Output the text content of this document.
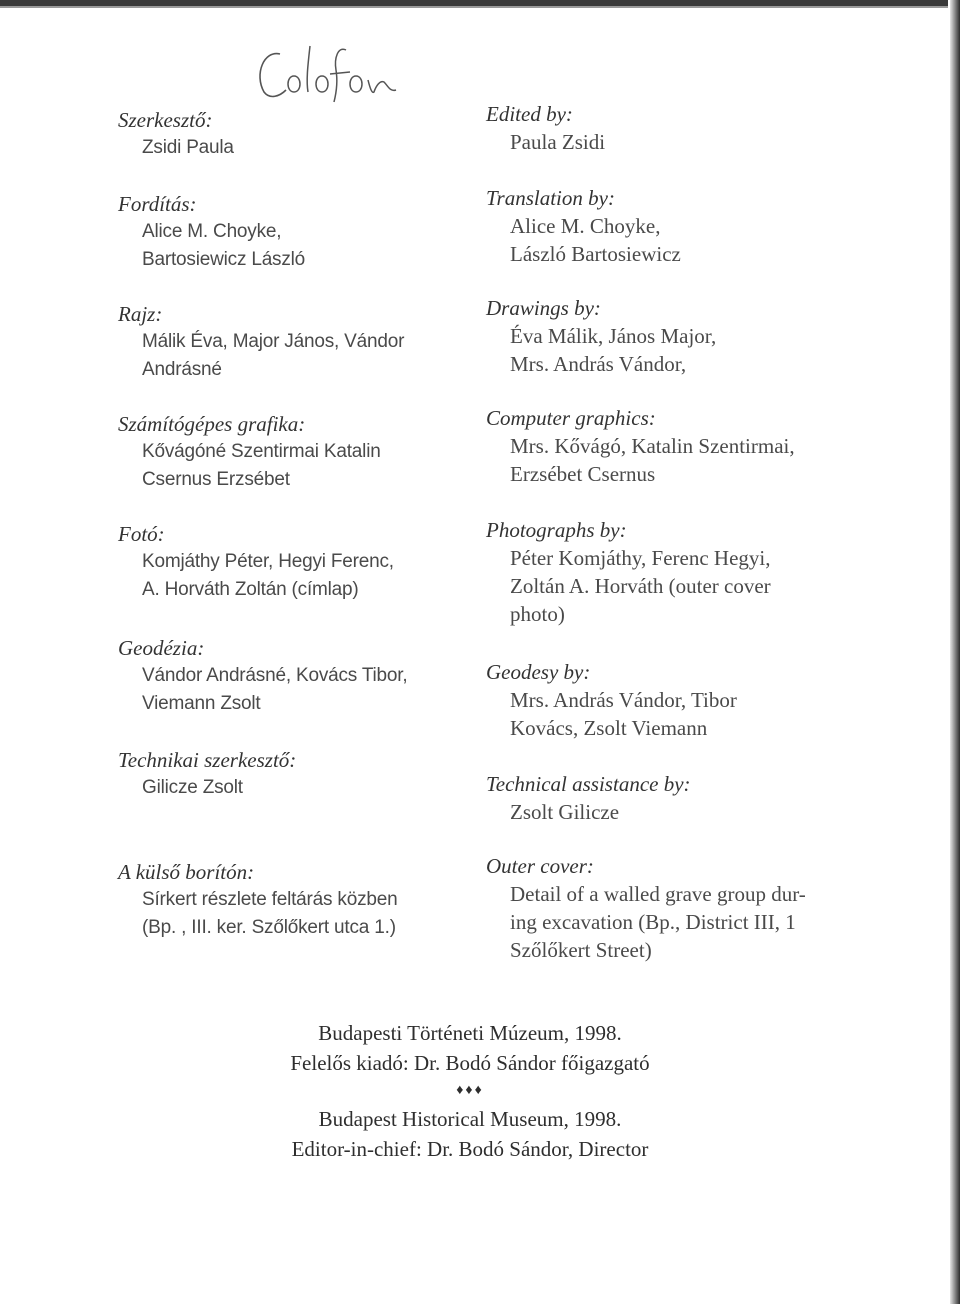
Szerkesztő:
Zsidi Paula
Fordítás:
Alice M. Choyke,
Bartosiewicz László
Rajz:
Málik Éva, Major János, Vándor
Andrásné
Számítógépes grafika:
Kővágóné Szentirmai Katalin
Csernus Erzsébet
Fotó:
Komjáthy Péter, Hegyi Ferenc,
A. Horváth Zoltán (címlap)
Geodézia:
Vándor Andrásné, Kovács Tibor,
Viemann Zsolt
Technikai szerkesztő:
Gilicze Zsolt
A külső borítón:
Sírkert részlete feltárás közben
(Bp. , III. ker. Szőlőkert utca 1.)
Edited by:
Paula Zsidi
Translation by:
Alice M. Choyke,
László Bartosiewicz
Drawings by:
Éva Málik, János Major,
Mrs. András Vándor,
Computer graphics:
Mrs. Kővágó, Katalin Szentirmai,
Erzsébet Csernus
Photographs by:
Péter Komjáthy, Ferenc Hegyi,
Zoltán A. Horváth (outer cover
photo)
Geodesy by:
Mrs. András Vándor, Tibor
Kovács, Zsolt Viemann
Technical assistance by:
Zsolt Gilicze
Outer cover:
Detail of a walled grave group dur-
ing excavation (Bp., District III, 1
Szőlőkert Street)
Budapesti Történeti Múzeum, 1998.
Felelős kiadó: Dr. Bodó Sándor főigazgató
♦♦♦
Budapest Historical Museum, 1998.
Editor-in-chief: Dr. Bodó Sándor, Director
